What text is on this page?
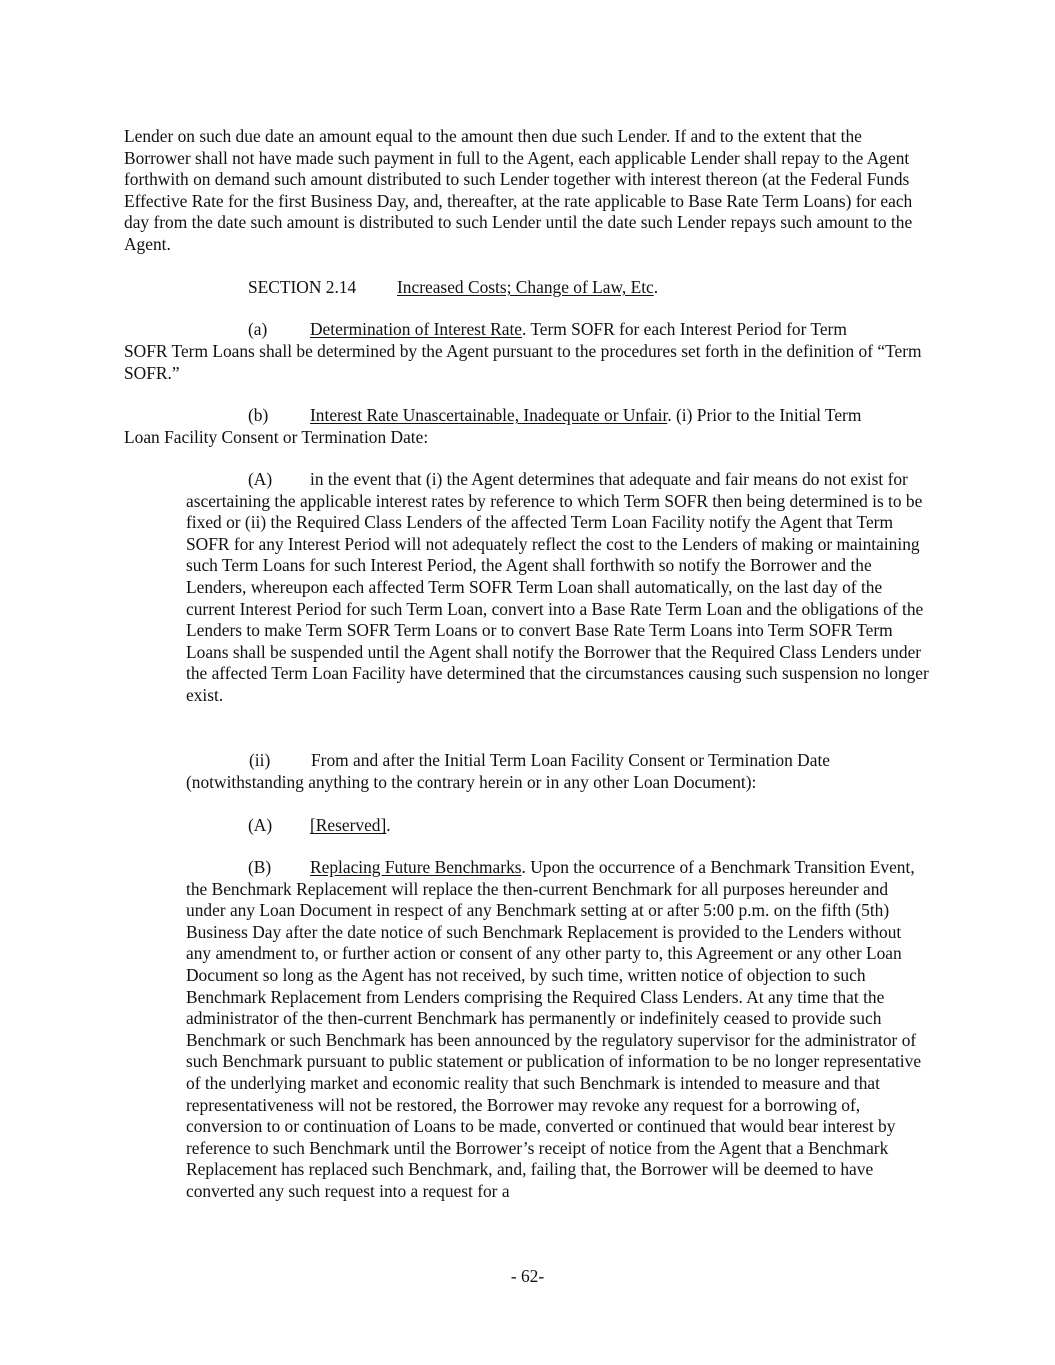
Lender on such due date an amount equal to the amount then due such Lender. If and to the extent that the Borrower shall not have made such payment in full to the Agent, each applicable Lender shall repay to the Agent forthwith on demand such amount distributed to such Lender together with interest thereon (at the Federal Funds Effective Rate for the first Business Day, and, thereafter, at the rate applicable to Base Rate Term Loans) for each day from the date such amount is distributed to such Lender until the date such Lender repays such amount to the Agent.

SECTION 2.14 Increased Costs; Change of Law, Etc.
(a) Determination of Interest Rate. Term SOFR for each Interest Period for Term

SOFR Term Loans shall be determined by the Agent pursuant to the procedures set forth in the definition of “Term SOFR.”

(b) Interest Rate Unascertainable, Inadequate or Unfair. (i) Prior to the Initial Term

Loan Facility Consent or Termination Date:

(A) in the event that (i) the Agent determines that adequate and fair means do not exist for ascertaining the applicable interest rates by reference to which Term SOFR then being determined is to be fixed or (ii) the Required Class Lenders of the affected Term Loan Facility notify the Agent that Term SOFR for any Interest Period will not adequately reflect the cost to the Lenders of making or maintaining such Term Loans for such Interest Period, the Agent shall forthwith so notify the Borrower and the Lenders, whereupon each affected Term SOFR Term Loan shall automatically, on the last day of the current Interest Period for such Term Loan, convert into a Base Rate Term Loan and the obligations of the Lenders to make Term SOFR Term Loans or to convert Base Rate Term Loans into Term SOFR Term Loans shall be suspended until the Agent shall notify the Borrower that the Required Class Lenders under the affected Term Loan Facility have determined that the circumstances causing such suspension no longer exist.

(ii) From and after the Initial Term Loan Facility Consent or Termination Date (notwithstanding anything to the contrary herein or in any other Loan Document):

(A) [Reserved].

(B) Replacing Future Benchmarks. Upon the occurrence of a Benchmark Transition Event, the Benchmark Replacement will replace the then-current Benchmark for all purposes hereunder and under any Loan Document in respect of any Benchmark setting at or after 5:00 p.m. on the fifth (5th) Business Day after the date notice of such Benchmark Replacement is provided to the Lenders without any amendment to, or further action or consent of any other party to, this Agreement or any other Loan Document so long as the Agent has not received, by such time, written notice of objection to such Benchmark Replacement from Lenders comprising the Required Class Lenders. At any time that the administrator of the then-current Benchmark has permanently or indefinitely ceased to provide such Benchmark or such Benchmark has been announced by the regulatory supervisor for the administrator of such Benchmark pursuant to public statement or publication of information to be no longer representative of the underlying market and economic reality that such Benchmark is intended to measure and that representativeness will not be restored, the Borrower may revoke any request for a borrowing of, conversion to or continuation of Loans to be made, converted or continued that would bear interest by reference to such Benchmark until the Borrower’s receipt of notice from the Agent that a Benchmark Replacement has replaced such Benchmark, and, failing that, the Borrower will be deemed to have converted any such request into a request for a

- 62-
